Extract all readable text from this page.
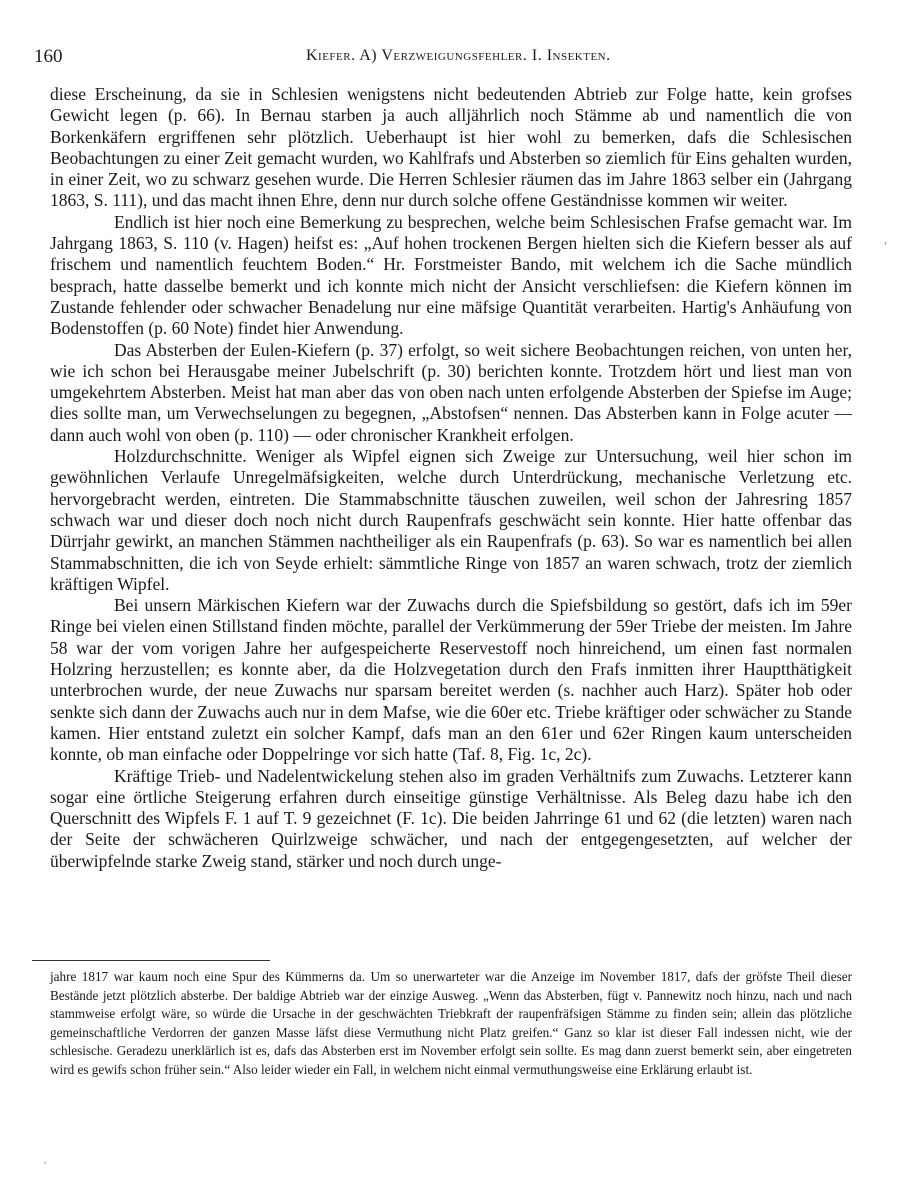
160	Kiefer. A) Verzweigungsfehler. I. Insekten.

diese Erscheinung, da sie in Schlesien wenigstens nicht bedeutenden Abtrieb zur Folge hatte, kein grofses Gewicht legen (p. 66). In Bernau starben ja auch alljährlich noch Stämme ab und namentlich die von Borkenkäfern ergriffenen sehr plötzlich. Ueberhaupt ist hier wohl zu bemerken, dafs die Schlesischen Beobachtungen zu einer Zeit gemacht wurden, wo Kahlfrafs und Absterben so ziemlich für Eins gehalten wurden, in einer Zeit, wo zu schwarz gesehen wurde. Die Herren Schlesier räumen das im Jahre 1863 selber ein (Jahrgang 1863, S. 111), und das macht ihnen Ehre, denn nur durch solche offene Geständnisse kommen wir weiter.

Endlich ist hier noch eine Bemerkung zu besprechen, welche beim Schlesischen Frafse gemacht war. Im Jahrgang 1863, S. 110 (v. Hagen) heifst es: „Auf hohen trockenen Bergen hielten sich die Kiefern besser als auf frischem und namentlich feuchtem Boden.“ Hr. Forstmeister Bando, mit welchem ich die Sache mündlich besprach, hatte dasselbe bemerkt und ich konnte mich nicht der Ansicht verschliefsen: die Kiefern können im Zustande fehlender oder schwacher Benadelung nur eine mäfsige Quantität verarbeiten. Hartig's Anhäufung von Bodenstoffen (p. 60 Note) findet hier Anwendung.

Das Absterben der Eulen-Kiefern (p. 37) erfolgt, so weit sichere Beobachtungen reichen, von unten her, wie ich schon bei Herausgabe meiner Jubelschrift (p. 30) berichten konnte. Trotzdem hört und liest man von umgekehrtem Absterben. Meist hat man aber das von oben nach unten erfolgende Absterben der Spiefse im Auge; dies sollte man, um Verwechselungen zu begegnen, „Abstofsen“ nennen. Das Absterben kann in Folge acuter — dann auch wohl von oben (p. 110) — oder chronischer Krankheit erfolgen.

Holzdurchschnitte. Weniger als Wipfel eignen sich Zweige zur Untersuchung, weil hier schon im gewöhnlichen Verlaufe Unregelmäfsigkeiten, welche durch Unterdrückung, mechanische Verletzung etc. hervorgebracht werden, eintreten. Die Stammabschnitte täuschen zuweilen, weil schon der Jahresring 1857 schwach war und dieser doch noch nicht durch Raupenfrafs geschwächt sein konnte. Hier hatte offenbar das Dürrjahr gewirkt, an manchen Stämmen nachtheiliger als ein Raupenfrafs (p. 63). So war es namentlich bei allen Stammabschnitten, die ich von Seyde erhielt: sämmtliche Ringe von 1857 an waren schwach, trotz der ziemlich kräftigen Wipfel.

Bei unsern Märkischen Kiefern war der Zuwachs durch die Spiefsbildung so gestört, dafs ich im 59er Ringe bei vielen einen Stillstand finden möchte, parallel der Verkümmerung der 59er Triebe der meisten. Im Jahre 58 war der vom vorigen Jahre her aufgespeicherte Reservestoff noch hinreichend, um einen fast normalen Holzring herzustellen; es konnte aber, da die Holzvegetation durch den Frafs inmitten ihrer Hauptthätigkeit unterbrochen wurde, der neue Zuwachs nur sparsam bereitet werden (s. nachher auch Harz). Später hob oder senkte sich dann der Zuwachs auch nur in dem Mafse, wie die 60er etc. Triebe kräftiger oder schwächer zu Stande kamen. Hier entstand zuletzt ein solcher Kampf, dafs man an den 61er und 62er Ringen kaum unterscheiden konnte, ob man einfache oder Doppelringe vor sich hatte (Taf. 8, Fig. 1c, 2c).

Kräftige Trieb- und Nadelentwickelung stehen also im graden Verhältnifs zum Zuwachs. Letzterer kann sogar eine örtliche Steigerung erfahren durch einseitige günstige Verhältnisse. Als Beleg dazu habe ich den Querschnitt des Wipfels F. 1 auf T. 9 gezeichnet (F. 1c). Die beiden Jahrringe 61 und 62 (die letzten) waren nach der Seite der schwächeren Quirlzweige schwächer, und nach der entgegengesetzten, auf welcher der überwipfelnde starke Zweig stand, stärker und noch durch unge-

jahre 1817 war kaum noch eine Spur des Kümmerns da. Um so unerwarteter war die Anzeige im November 1817, dafs der gröfste Theil dieser Bestände jetzt plötzlich absterbe. Der baldige Abtrieb war der einzige Ausweg. „Wenn das Absterben, fügt v. Pannewitz noch hinzu, nach und nach stammweise erfolgt wäre, so würde die Ursache in der geschwächten Triebkraft der raupenfräfsigen Stämme zu finden sein; allein das plötzliche gemeinschaftliche Verdorren der ganzen Masse läfst diese Vermuthung nicht Platz greifen.“ Ganz so klar ist dieser Fall indessen nicht, wie der schlesische. Geradezu unerklärlich ist es, dafs das Absterben erst im November erfolgt sein sollte. Es mag dann zuerst bemerkt sein, aber eingetreten wird es gewifs schon früher sein.“ Also leider wieder ein Fall, in welchem nicht einmal vermuthungsweise eine Erklärung erlaubt ist.

,
'
